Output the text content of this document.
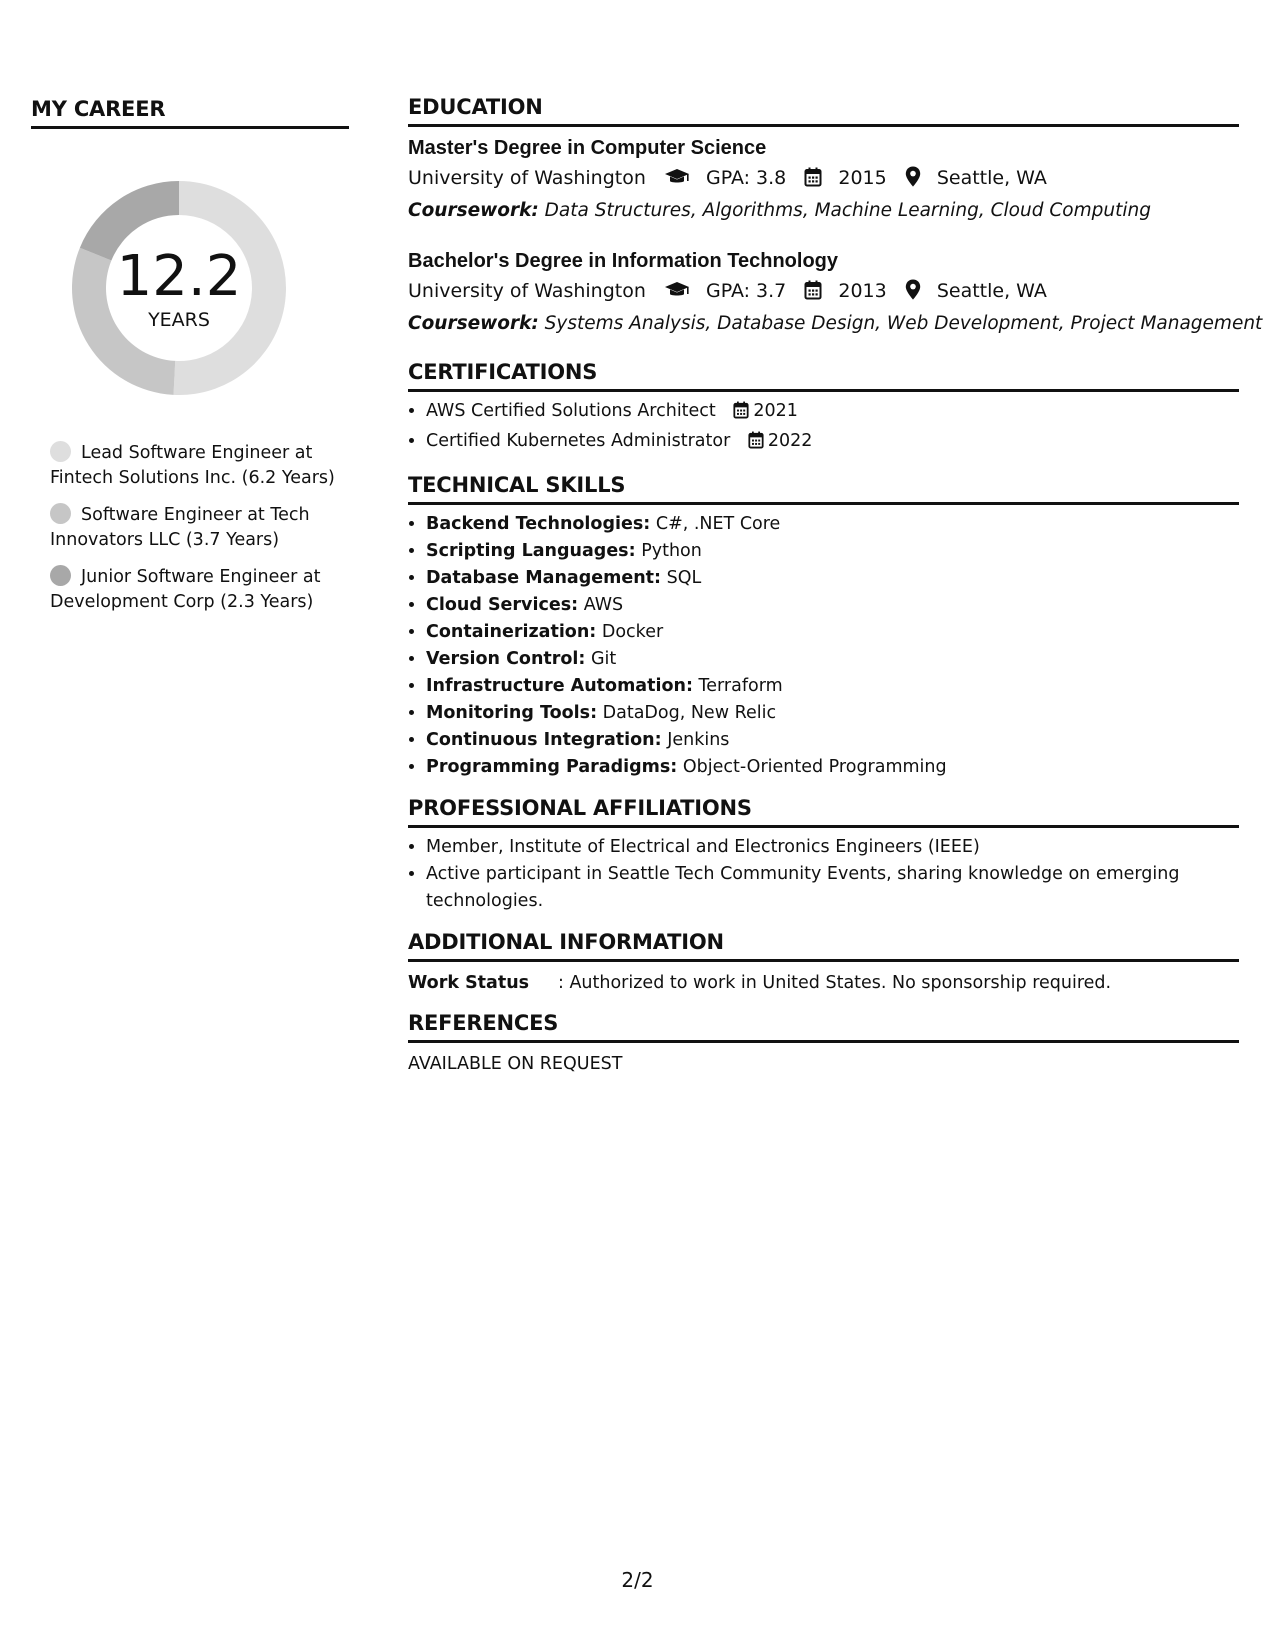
MY CAREER
12.2
YEARS
Lead Software Engineer at Fintech Solutions Inc. (6.2 Years)
Software Engineer at Tech Innovators LLC (3.7 Years)
Junior Software Engineer at Development Corp (2.3 Years)
EDUCATION
Master's Degree in Computer Science
University of Washington	GPA: 3.8	2015	Seattle, WA
Coursework: Data Structures, Algorithms, Machine Learning, Cloud Computing
Bachelor's Degree in Information Technology
University of Washington	GPA: 3.7	2013	Seattle, WA
Coursework: Systems Analysis, Database Design, Web Development, Project Management
CERTIFICATIONS
• AWS Certified Solutions Architect 2021
• Certified Kubernetes Administrator 2022
TECHNICAL SKILLS
• Backend Technologies: C#, .NET Core
• Scripting Languages: Python
• Database Management: SQL
• Cloud Services: AWS
• Containerization: Docker
• Version Control: Git
• Infrastructure Automation: Terraform
• Monitoring Tools: DataDog, New Relic
• Continuous Integration: Jenkins
• Programming Paradigms: Object-Oriented Programming
PROFESSIONAL AFFILIATIONS
• Member, Institute of Electrical and Electronics Engineers (IEEE)
• Active participant in Seattle Tech Community Events, sharing knowledge on emerging technologies.
ADDITIONAL INFORMATION
Work Status : Authorized to work in United States. No sponsorship required.
REFERENCES
AVAILABLE ON REQUEST
2/2
